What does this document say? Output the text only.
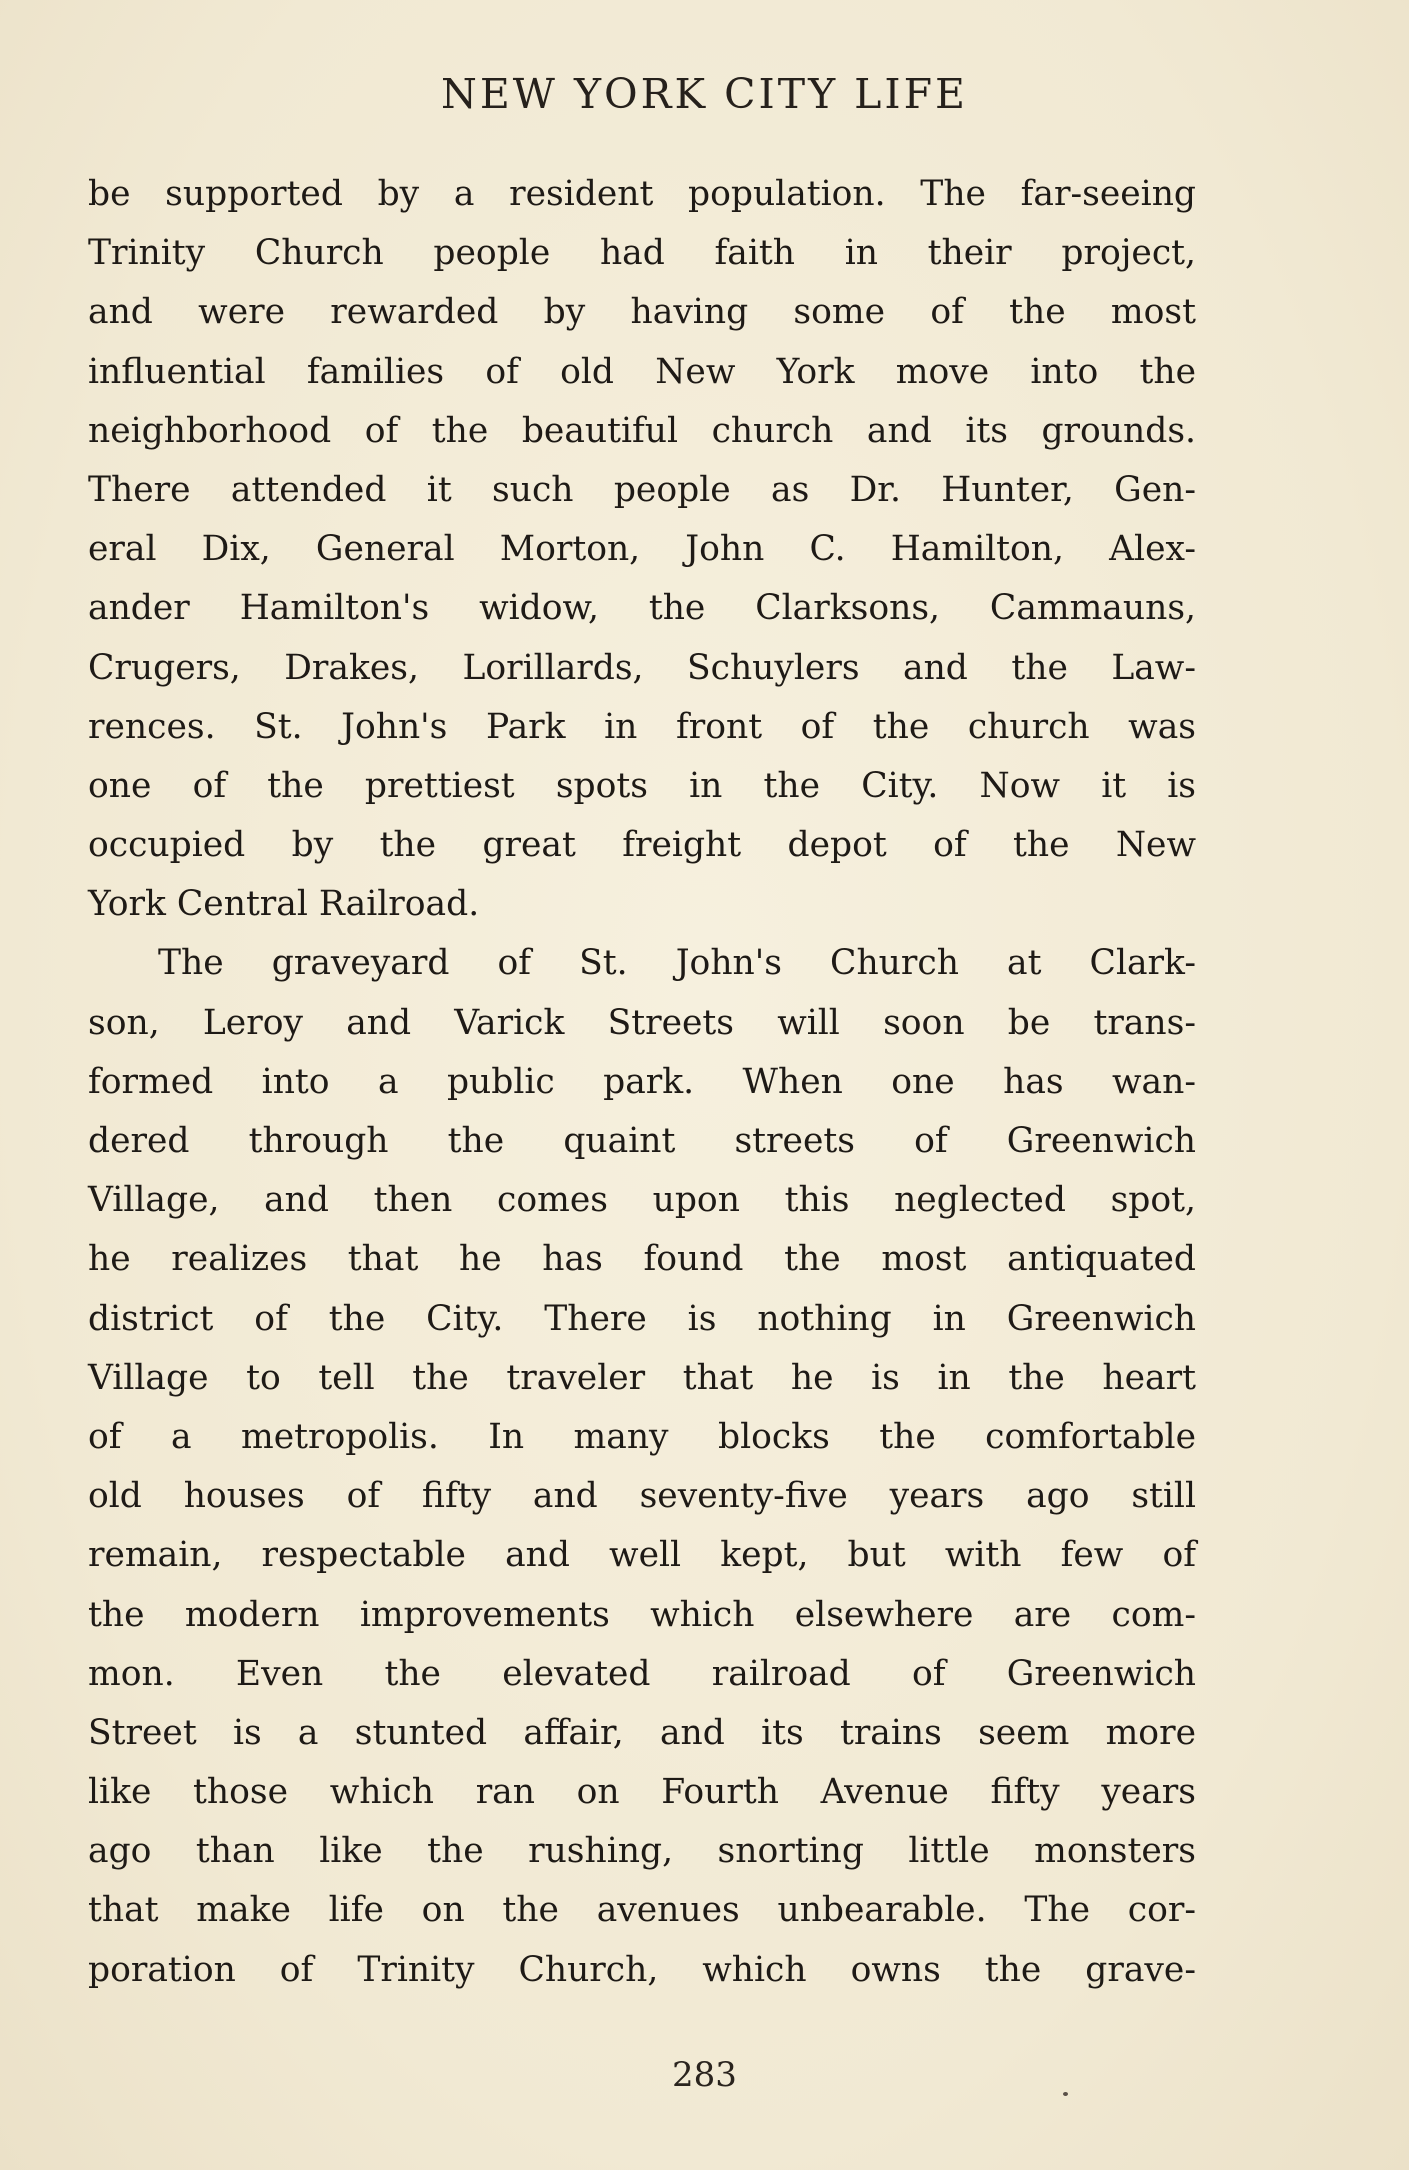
NEW YORK CITY LIFE
be supported by a resident population. The far-seeing
Trinity Church people had faith in their project,
and were rewarded by having some of the most
influential families of old New York move into the
neighborhood of the beautiful church and its grounds.
There attended it such people as Dr. Hunter, Gen-
eral Dix, General Morton, John C. Hamilton, Alex-
ander Hamilton's widow, the Clarksons, Cammauns,
Crugers, Drakes, Lorillards, Schuylers and the Law-
rences. St. John's Park in front of the church was
one of the prettiest spots in the City. Now it is
occupied by the great freight depot of the New
York Central Railroad.
The graveyard of St. John's Church at Clark-
son, Leroy and Varick Streets will soon be trans-
formed into a public park. When one has wan-
dered through the quaint streets of Greenwich
Village, and then comes upon this neglected spot,
he realizes that he has found the most antiquated
district of the City. There is nothing in Greenwich
Village to tell the traveler that he is in the heart
of a metropolis. In many blocks the comfortable
old houses of fifty and seventy-five years ago still
remain, respectable and well kept, but with few of
the modern improvements which elsewhere are com-
mon. Even the elevated railroad of Greenwich
Street is a stunted affair, and its trains seem more
like those which ran on Fourth Avenue fifty years
ago than like the rushing, snorting little monsters
that make life on the avenues unbearable. The cor-
poration of Trinity Church, which owns the grave-
283
